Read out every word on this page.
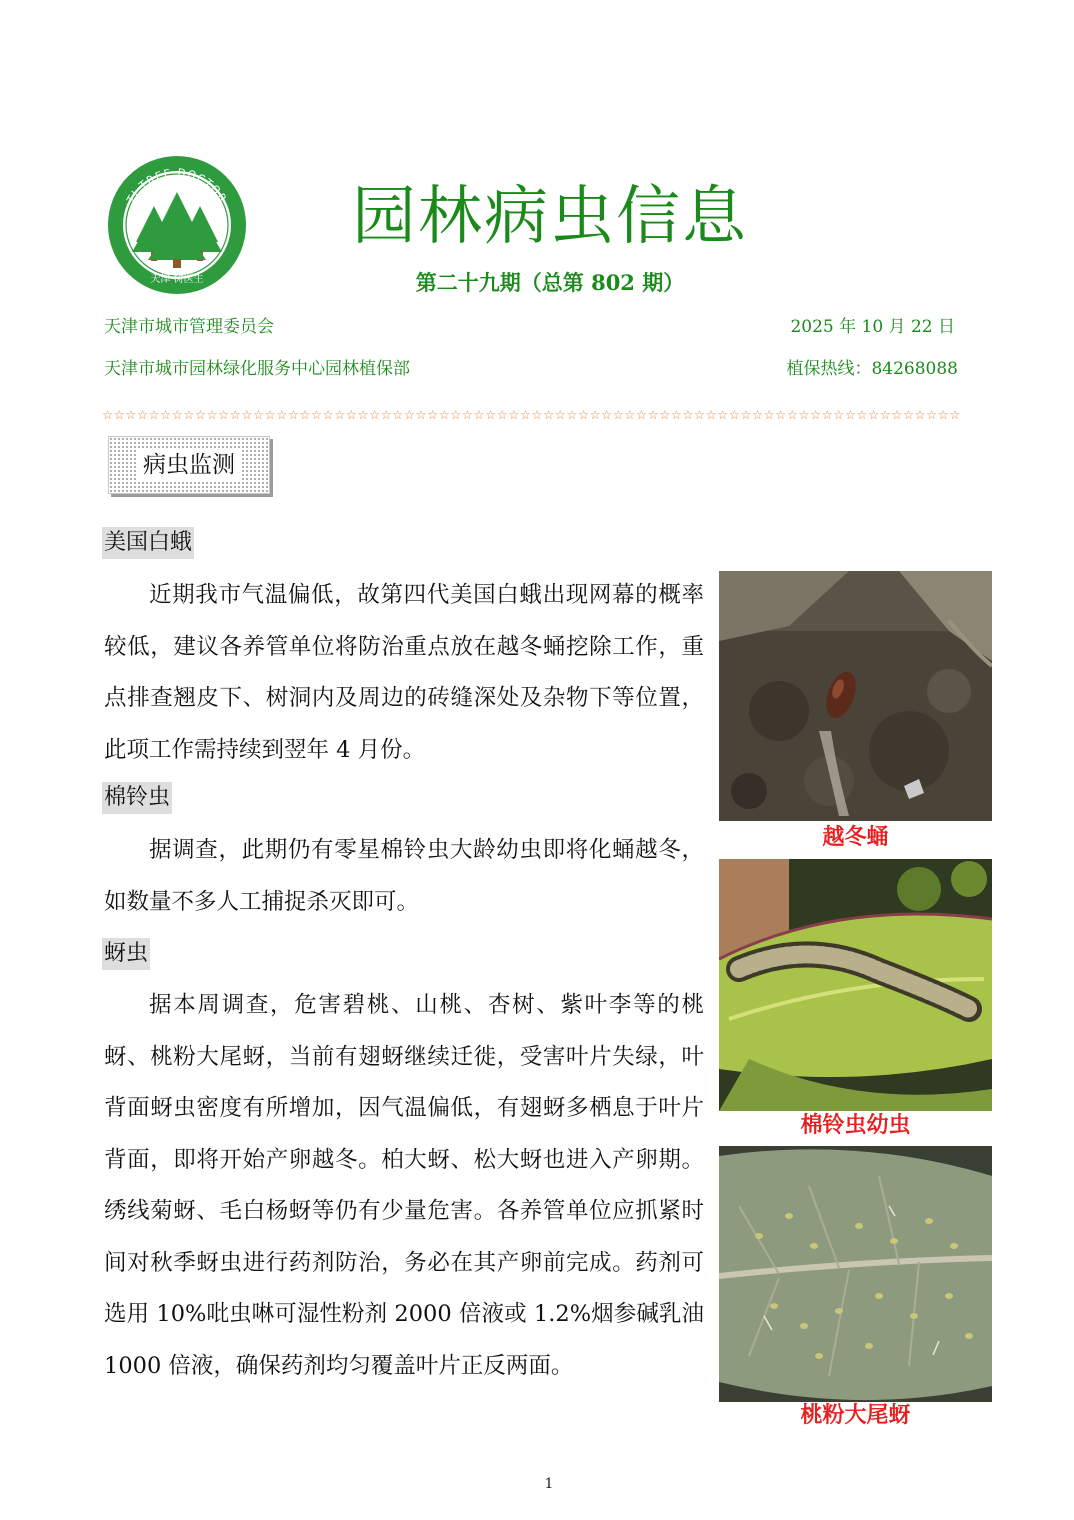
TJ TREE DOCTOR
天津·树医生
园林病虫信息
第二十九期（总第 802 期）
天津市城市管理委员会	2025 年 10 月 22 日
天津市城市园林绿化服务中心园林植保部	植保热线：84268088
☆☆☆☆☆☆☆☆☆☆☆☆☆☆☆☆☆☆☆☆☆☆☆☆☆☆☆☆☆☆☆☆☆☆☆☆☆☆☆☆☆☆☆☆☆☆☆☆☆☆☆☆☆☆☆☆☆☆☆☆☆☆☆☆☆☆☆☆☆☆☆☆☆☆
病虫监测
美国白蛾

近期我市气温偏低，故第四代美国白蛾出现网幕的概率较低，建议各养管单位将防治重点放在越冬蛹挖除工作，重点排查翘皮下、树洞内及周边的砖缝深处及杂物下等位置，此项工作需持续到翌年 4 月份。

棉铃虫

据调查，此期仍有零星棉铃虫大龄幼虫即将化蛹越冬，如数量不多人工捕捉杀灭即可。

蚜虫

据本周调查，危害碧桃、山桃、杏树、紫叶李等的桃蚜、桃粉大尾蚜，当前有翅蚜继续迁徙，受害叶片失绿，叶背面蚜虫密度有所增加，因气温偏低，有翅蚜多栖息于叶片背面，即将开始产卵越冬。柏大蚜、松大蚜也进入产卵期。绣线菊蚜、毛白杨蚜等仍有少量危害。各养管单位应抓紧时间对秋季蚜虫进行药剂防治，务必在其产卵前完成。药剂可选用 10%吡虫啉可湿性粉剂 2000 倍液或 1.2%烟参碱乳油 1000 倍液，确保药剂均匀覆盖叶片正反两面。

越冬蛹
棉铃虫幼虫
桃粉大尾蚜
1
